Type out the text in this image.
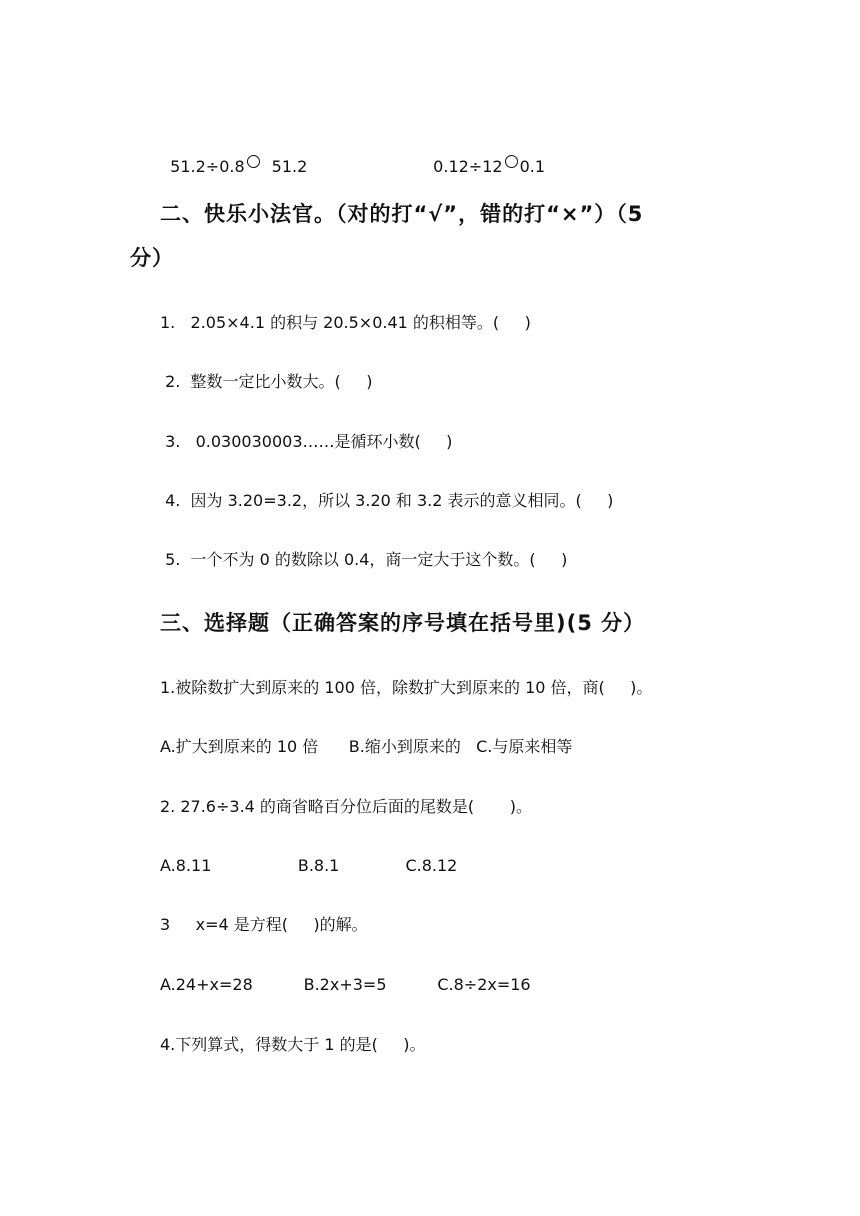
51.2÷0.8 51.2	0.12÷12 0.1

二、快乐小法官。（对的打“√”，错的打“×”）（5
分）
1.   2.05×4.1 的积与 20.5×0.41 的积相等。(     )
2.  整数一定比小数大。(     )
3.   0.030030003……是循环小数(     )
4.  因为 3.20=3.2，所以 3.20 和 3.2 表示的意义相同。(     )
5.  一个不为 0 的数除以 0.4，商一定大于这个数。(     )
三、选择题（正确答案的序号填在括号里)(5 分）
1.被除数扩大到原来的 100 倍，除数扩大到原来的 10 倍，商(     )。
A.扩大到原来的 10 倍      B.缩小到原来的   C.与原来相等
2. 27.6÷3.4 的商省略百分位后面的尾数是(       )。
A.8.11                 B.8.1             C.8.12
3     x=4 是方程(     )的解。
A.24+x=28          B.2x+3=5          C.8÷2x=16
4.下列算式，得数大于 1 的是(     )。
